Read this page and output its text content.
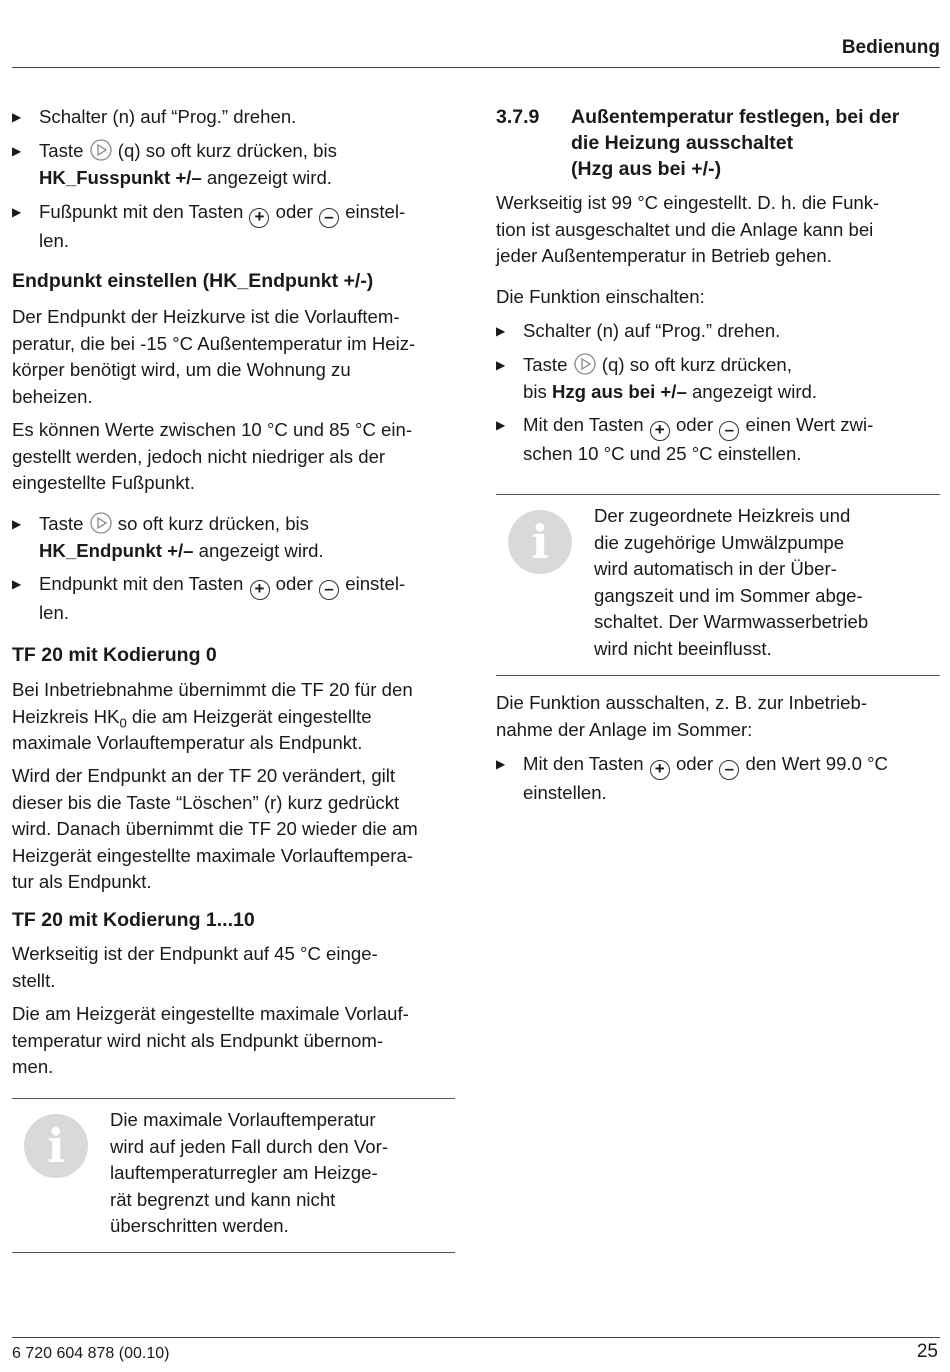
Bedienung
▶ Schalter (n) auf “Prog.” drehen.
▶ Taste (q) so oft kurz drücken, bis
HK_Fusspunkt +/– angezeigt wird.
▶ Fußpunkt mit den Tasten + oder – einstel-
len.
Endpunkt einstellen (HK_Endpunkt +/-)
Der Endpunkt der Heizkurve ist die Vorlauftem-
peratur, die bei -15 °C Außentemperatur im Heiz-
körper benötigt wird, um die Wohnung zu
beheizen.
Es können Werte zwischen 10 °C und 85 °C ein-
gestellt werden, jedoch nicht niedriger als der
eingestellte Fußpunkt.
▶ Taste so oft kurz drücken, bis
HK_Endpunkt +/– angezeigt wird.
▶ Endpunkt mit den Tasten + oder – einstel-
len.
TF 20 mit Kodierung 0
Bei Inbetriebnahme übernimmt die TF 20 für den
Heizkreis $HK_0$ die am Heizgerät eingestellte
maximale Vorlauftemperatur als Endpunkt.
Wird der Endpunkt an der TF 20 verändert, gilt
dieser bis die Taste “Löschen” (r) kurz gedrückt
wird. Danach übernimmt die TF 20 wieder die am
Heizgerät eingestellte maximale Vorlauftempera-
tur als Endpunkt.
TF 20 mit Kodierung 1...10
Werkseitig ist der Endpunkt auf 45 °C einge-
stellt.
Die am Heizgerät eingestellte maximale Vorlauf-
temperatur wird nicht als Endpunkt übernom-
men.
i	Die maximale Vorlauftemperatur
wird auf jeden Fall durch den Vor-
lauftemperaturregler am Heizge-
rät begrenzt und kann nicht
überschritten werden.
3.7.9 Außentemperatur festlegen, bei der
die Heizung ausschaltet
(Hzg aus bei +/-)
Werkseitig ist 99 °C eingestellt. D. h. die Funk-
tion ist ausgeschaltet und die Anlage kann bei
jeder Außentemperatur in Betrieb gehen.
Die Funktion einschalten:
▶ Schalter (n) auf “Prog.” drehen.
▶ Taste (q) so oft kurz drücken,
bis Hzg aus bei +/– angezeigt wird.
▶ Mit den Tasten + oder – einen Wert zwi-
schen 10 °C und 25 °C einstellen.
i	Der zugeordnete Heizkreis und
die zugehörige Umwälzpumpe
wird automatisch in der Über-
gangszeit und im Sommer abge-
schaltet. Der Warmwasserbetrieb
wird nicht beeinflusst.
Die Funktion ausschalten, z. B. zur Inbetrieb-
nahme der Anlage im Sommer:
▶ Mit den Tasten + oder – den Wert 99.0 °C
einstellen.
6 720 604 878 (00.10)	25
